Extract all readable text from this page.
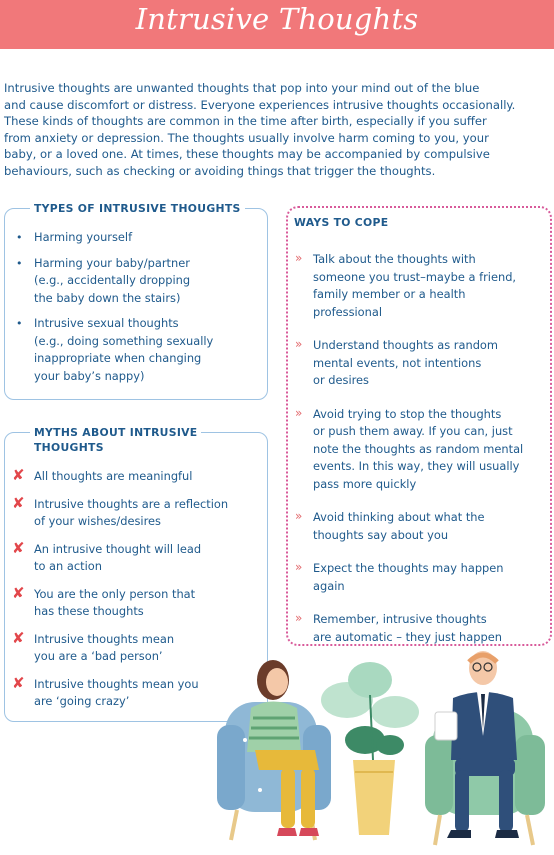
Intrusive Thoughts
Intrusive thoughts are unwanted thoughts that pop into your mind out of the blue
and cause discomfort or distress. Everyone experiences intrusive thoughts occasionally.
These kinds of thoughts are common in the time after birth, especially if you suffer
from anxiety or depression. The thoughts usually involve harm coming to you, your
baby, or a loved one. At times, these thoughts may be accompanied by compulsive
behaviours, such as checking or avoiding things that trigger the thoughts.
TYPES OF INTRUSIVE THOUGHTS
• Harming yourself
• Harming your baby/partner
(e.g., accidentally dropping
the baby down the stairs)
• Intrusive sexual thoughts
(e.g., doing something sexually
inappropriate when changing
your baby’s nappy)
MYTHS ABOUT INTRUSIVE
THOUGHTS
✘ All thoughts are meaningful
✘ Intrusive thoughts are a reflection
of your wishes/desires
✘ An intrusive thought will lead
to an action
✘ You are the only person that
has these thoughts
✘ Intrusive thoughts mean
you are a ‘bad person’
✘ Intrusive thoughts mean you
are ‘going crazy’
WAYS TO COPE
» Talk about the thoughts with
someone you trust–maybe a friend,
family member or a health
professional
» Understand thoughts as random
mental events, not intentions
or desires
» Avoid trying to stop the thoughts
or push them away. If you can, just
note the thoughts as random mental
events. In this way, they will usually
pass more quickly
» Avoid thinking about what the
thoughts say about you
» Expect the thoughts may happen
again
» Remember, intrusive thoughts
are automatic – they just happen
